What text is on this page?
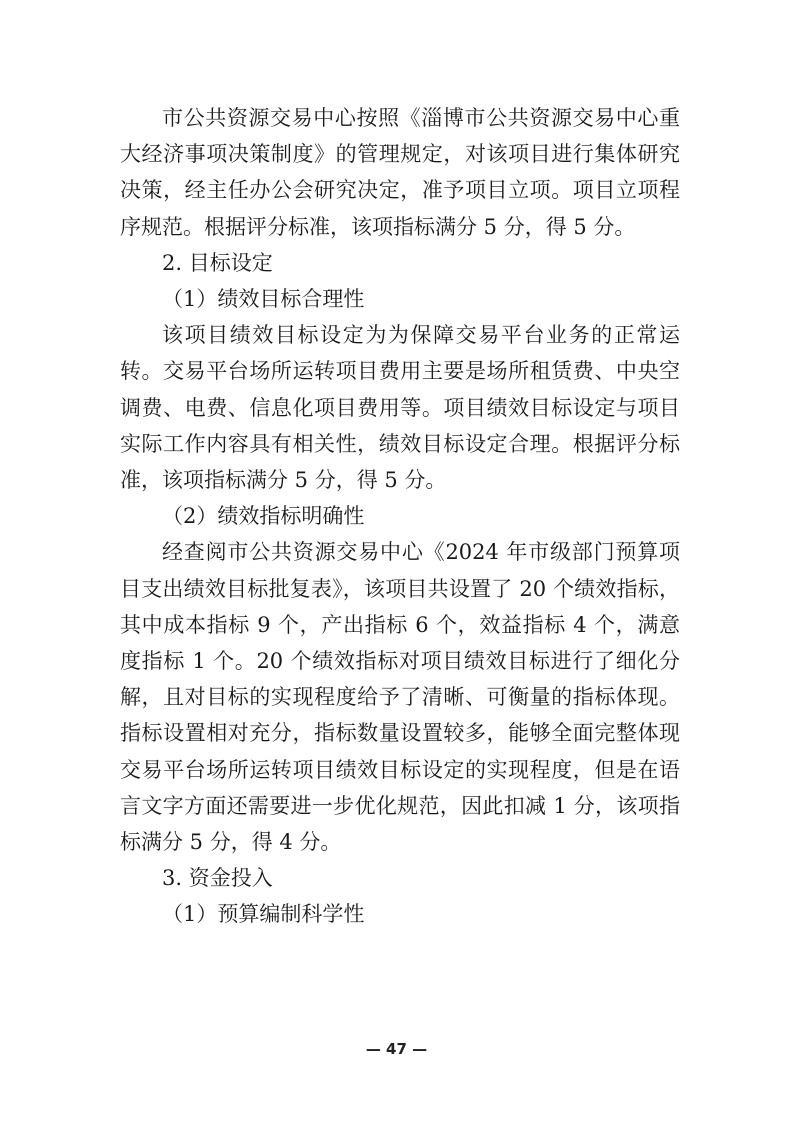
市公共资源交易中心按照《淄博市公共资源交易中心重大经济事项决策制度》的管理规定，对该项目进行集体研究决策，经主任办公会研究决定，准予项目立项。项目立项程序规范。根据评分标准，该项指标满分 5 分，得 5 分。

2. 目标设定

（1）绩效目标合理性

该项目绩效目标设定为为保障交易平台业务的正常运转。交易平台场所运转项目费用主要是场所租赁费、中央空调费、电费、信息化项目费用等。项目绩效目标设定与项目实际工作内容具有相关性，绩效目标设定合理。根据评分标准，该项指标满分 5 分，得 5 分。

（2）绩效指标明确性

经查阅市公共资源交易中心《2024 年市级部门预算项目支出绩效目标批复表》，该项目共设置了 20 个绩效指标，其中成本指标 9 个，产出指标 6 个，效益指标 4 个，满意度指标 1 个。20 个绩效指标对项目绩效目标进行了细化分解，且对目标的实现程度给予了清晰、可衡量的指标体现。指标设置相对充分，指标数量设置较多，能够全面完整体现交易平台场所运转项目绩效目标设定的实现程度，但是在语言文字方面还需要进一步优化规范，因此扣减 1 分，该项指标满分 5 分，得 4 分。

3. 资金投入

（1）预算编制科学性

— 47 —
